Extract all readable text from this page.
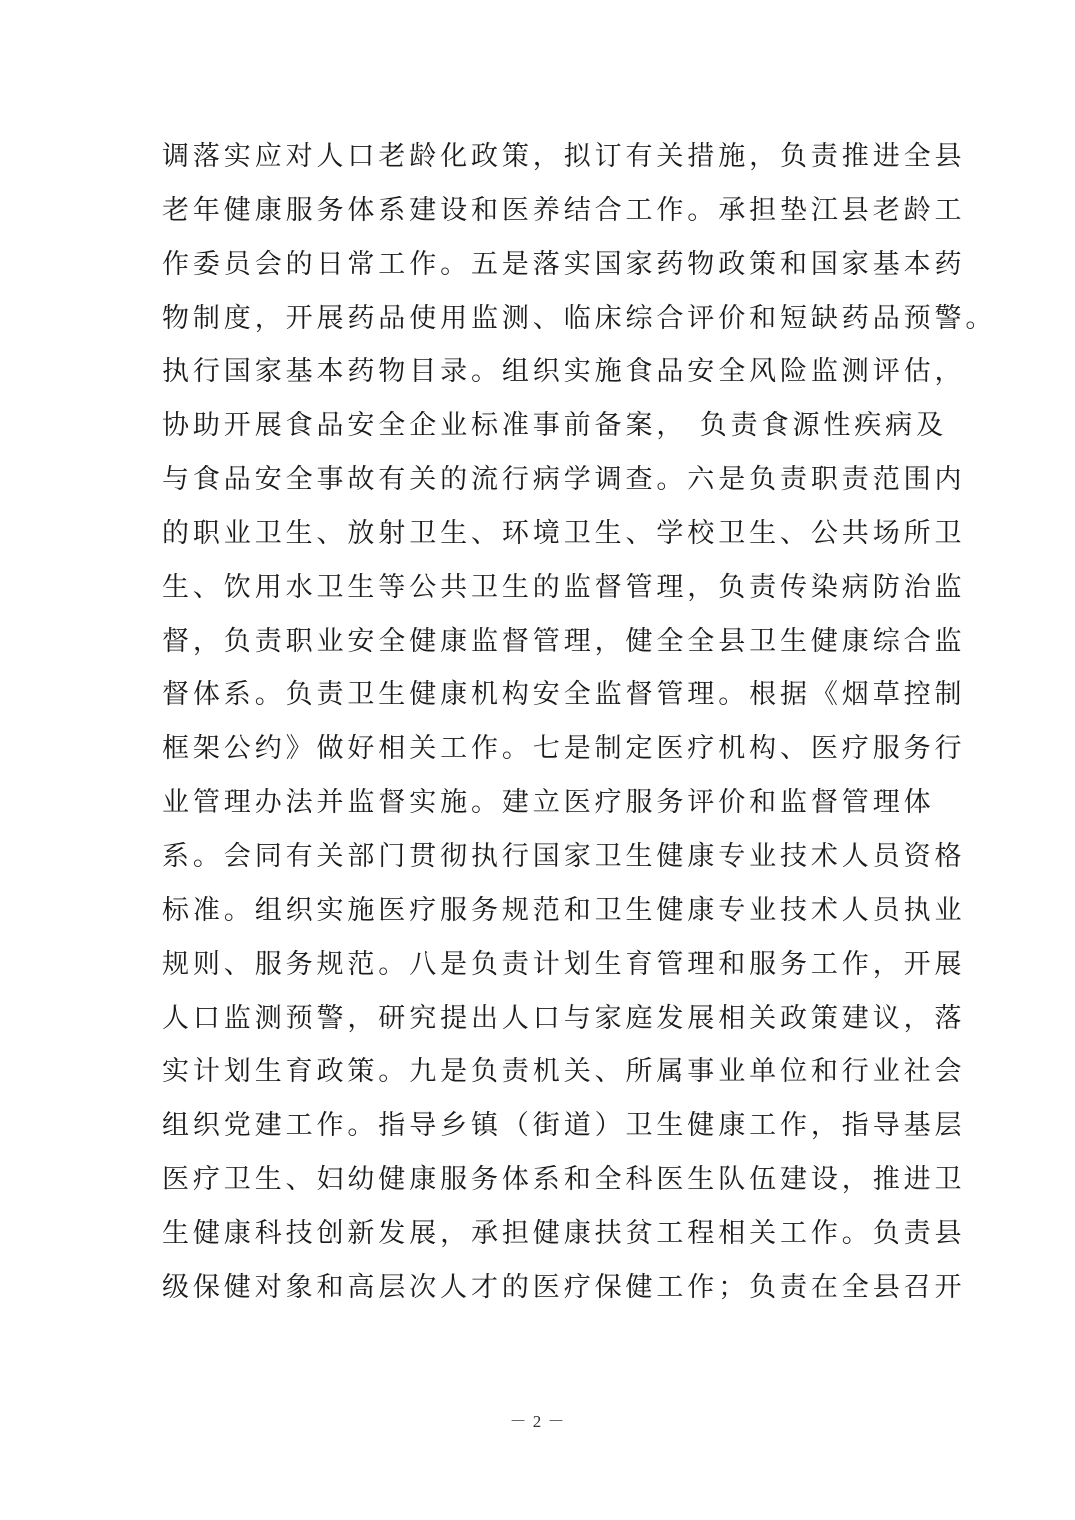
调落实应对人口老龄化政策，拟订有关措施，负责推进全县
老年健康服务体系建设和医养结合工作。承担垫江县老龄工
作委员会的日常工作。五是落实国家药物政策和国家基本药
物制度，开展药品使用监测、临床综合评价和短缺药品预警。
执行国家基本药物目录。组织实施食品安全风险监测评估，
协助开展食品安全企业标准事前备案， 负责食源性疾病及
与食品安全事故有关的流行病学调查。六是负责职责范围内
的职业卫生、放射卫生、环境卫生、学校卫生、公共场所卫
生、饮用水卫生等公共卫生的监督管理，负责传染病防治监
督，负责职业安全健康监督管理，健全全县卫生健康综合监
督体系。负责卫生健康机构安全监督管理。根据《烟草控制
框架公约》做好相关工作。七是制定医疗机构、医疗服务行
业管理办法并监督实施。建立医疗服务评价和监督管理体
系。会同有关部门贯彻执行国家卫生健康专业技术人员资格
标准。组织实施医疗服务规范和卫生健康专业技术人员执业
规则、服务规范。八是负责计划生育管理和服务工作，开展
人口监测预警，研究提出人口与家庭发展相关政策建议，落
实计划生育政策。九是负责机关、所属事业单位和行业社会
组织党建工作。指导乡镇（街道）卫生健康工作，指导基层
医疗卫生、妇幼健康服务体系和全科医生队伍建设，推进卫
生健康科技创新发展，承担健康扶贫工程相关工作。负责县
级保健对象和高层次人才的医疗保健工作；负责在全县召开
－ 2 －
